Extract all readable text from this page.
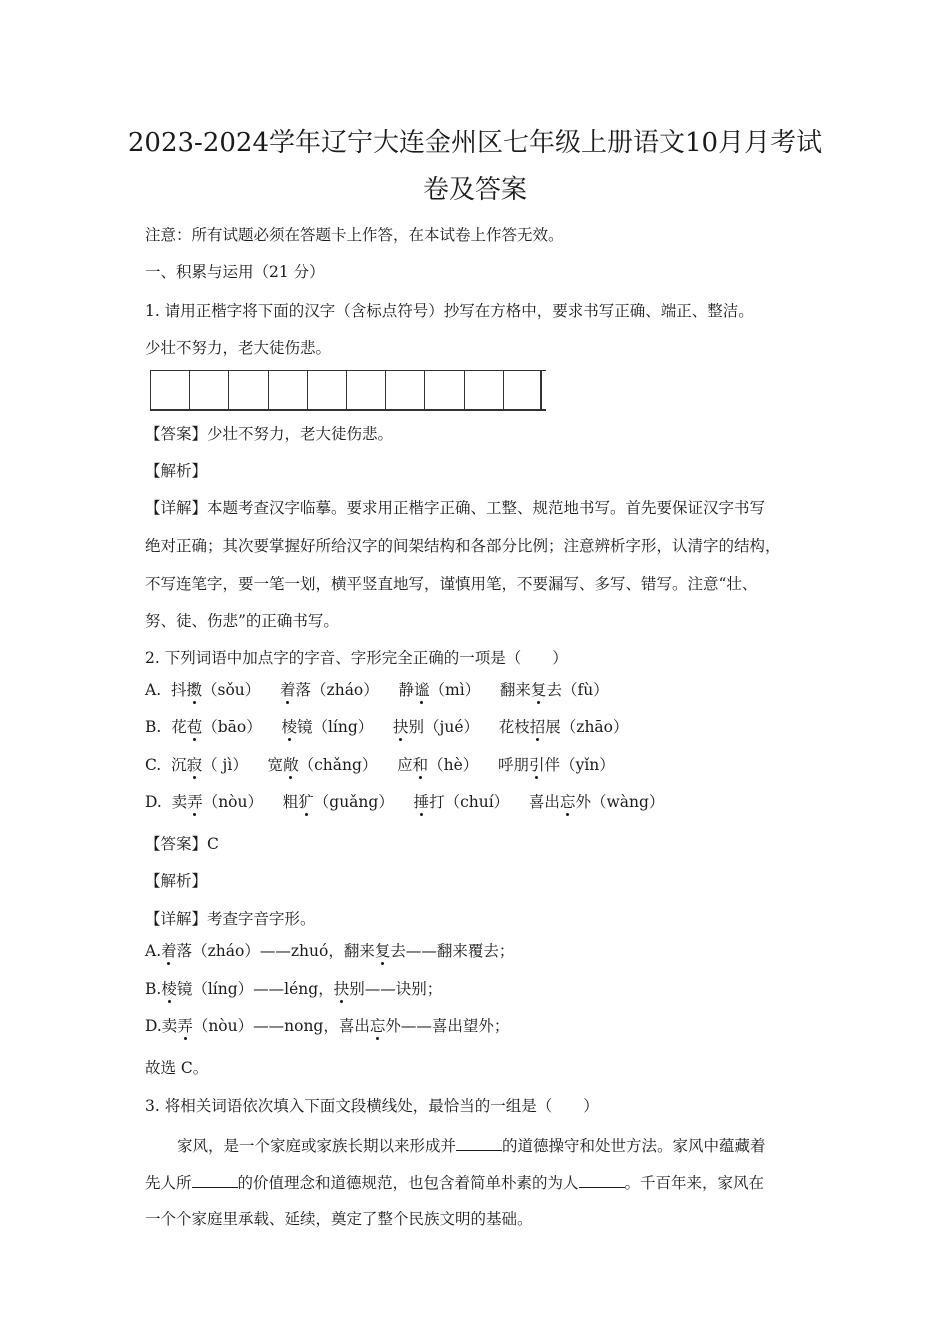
2023-2024学年辽宁大连金州区七年级上册语文10月月考试
卷及答案
注意：所有试题必须在答题卡上作答，在本试卷上作答无效。
一、积累与运用（21 分）
1. 请用正楷字将下面的汉字（含标点符号）抄写在方格中，要求书写正确、端正、整洁。
少壮不努力，老大徒伤悲。
【答案】少壮不努力，老大徒伤悲。
【解析】
【详解】本题考查汉字临摹。要求用正楷字正确、工整、规范地书写。首先要保证汉字书写
绝对正确；其次要掌握好所给汉字的间架结构和各部分比例；注意辨析字形，认清字的结构，
不写连笔字，要一笔一划，横平竖直地写，谨慎用笔，不要漏写、多写、错写。注意“壮、
努、徒、伤悲”的正确书写。
2. 下列词语中加点字的字音、字形完全正确的一项是（　　）
A. 抖擞（sǒu） 着落（zháo） 静谧（mì） 翻来复去（fù）
B. 花苞（bāo） 棱镜（líng） 抉别（jué） 花枝招展（zhāo）
C. 沉寂（ jì） 宽敞（chǎng） 应和（hè） 呼朋引伴（yǐn）
D. 卖弄（nòu） 粗犷（guǎng） 捶打（chuí） 喜出忘外（wàng）
【答案】C
【解析】
【详解】考查字音字形。
A.着落（zháo）——zhuó，翻来复去——翻来覆去；
B.棱镜（líng）——léng，抉别——诀别；
D.卖弄（nòu）——nong，喜出忘外——喜出望外；
故选 C。
3. 将相关词语依次填入下面文段横线处，最恰当的一组是（　　）
家风，是一个家庭或家族长期以来形成并	的道德操守和处世方法。家风中蕴藏着
先人所	的价值理念和道德规范，也包含着简单朴素的为人	。千百年来，家风在
一个个家庭里承载、延续，奠定了整个民族文明的基础。
